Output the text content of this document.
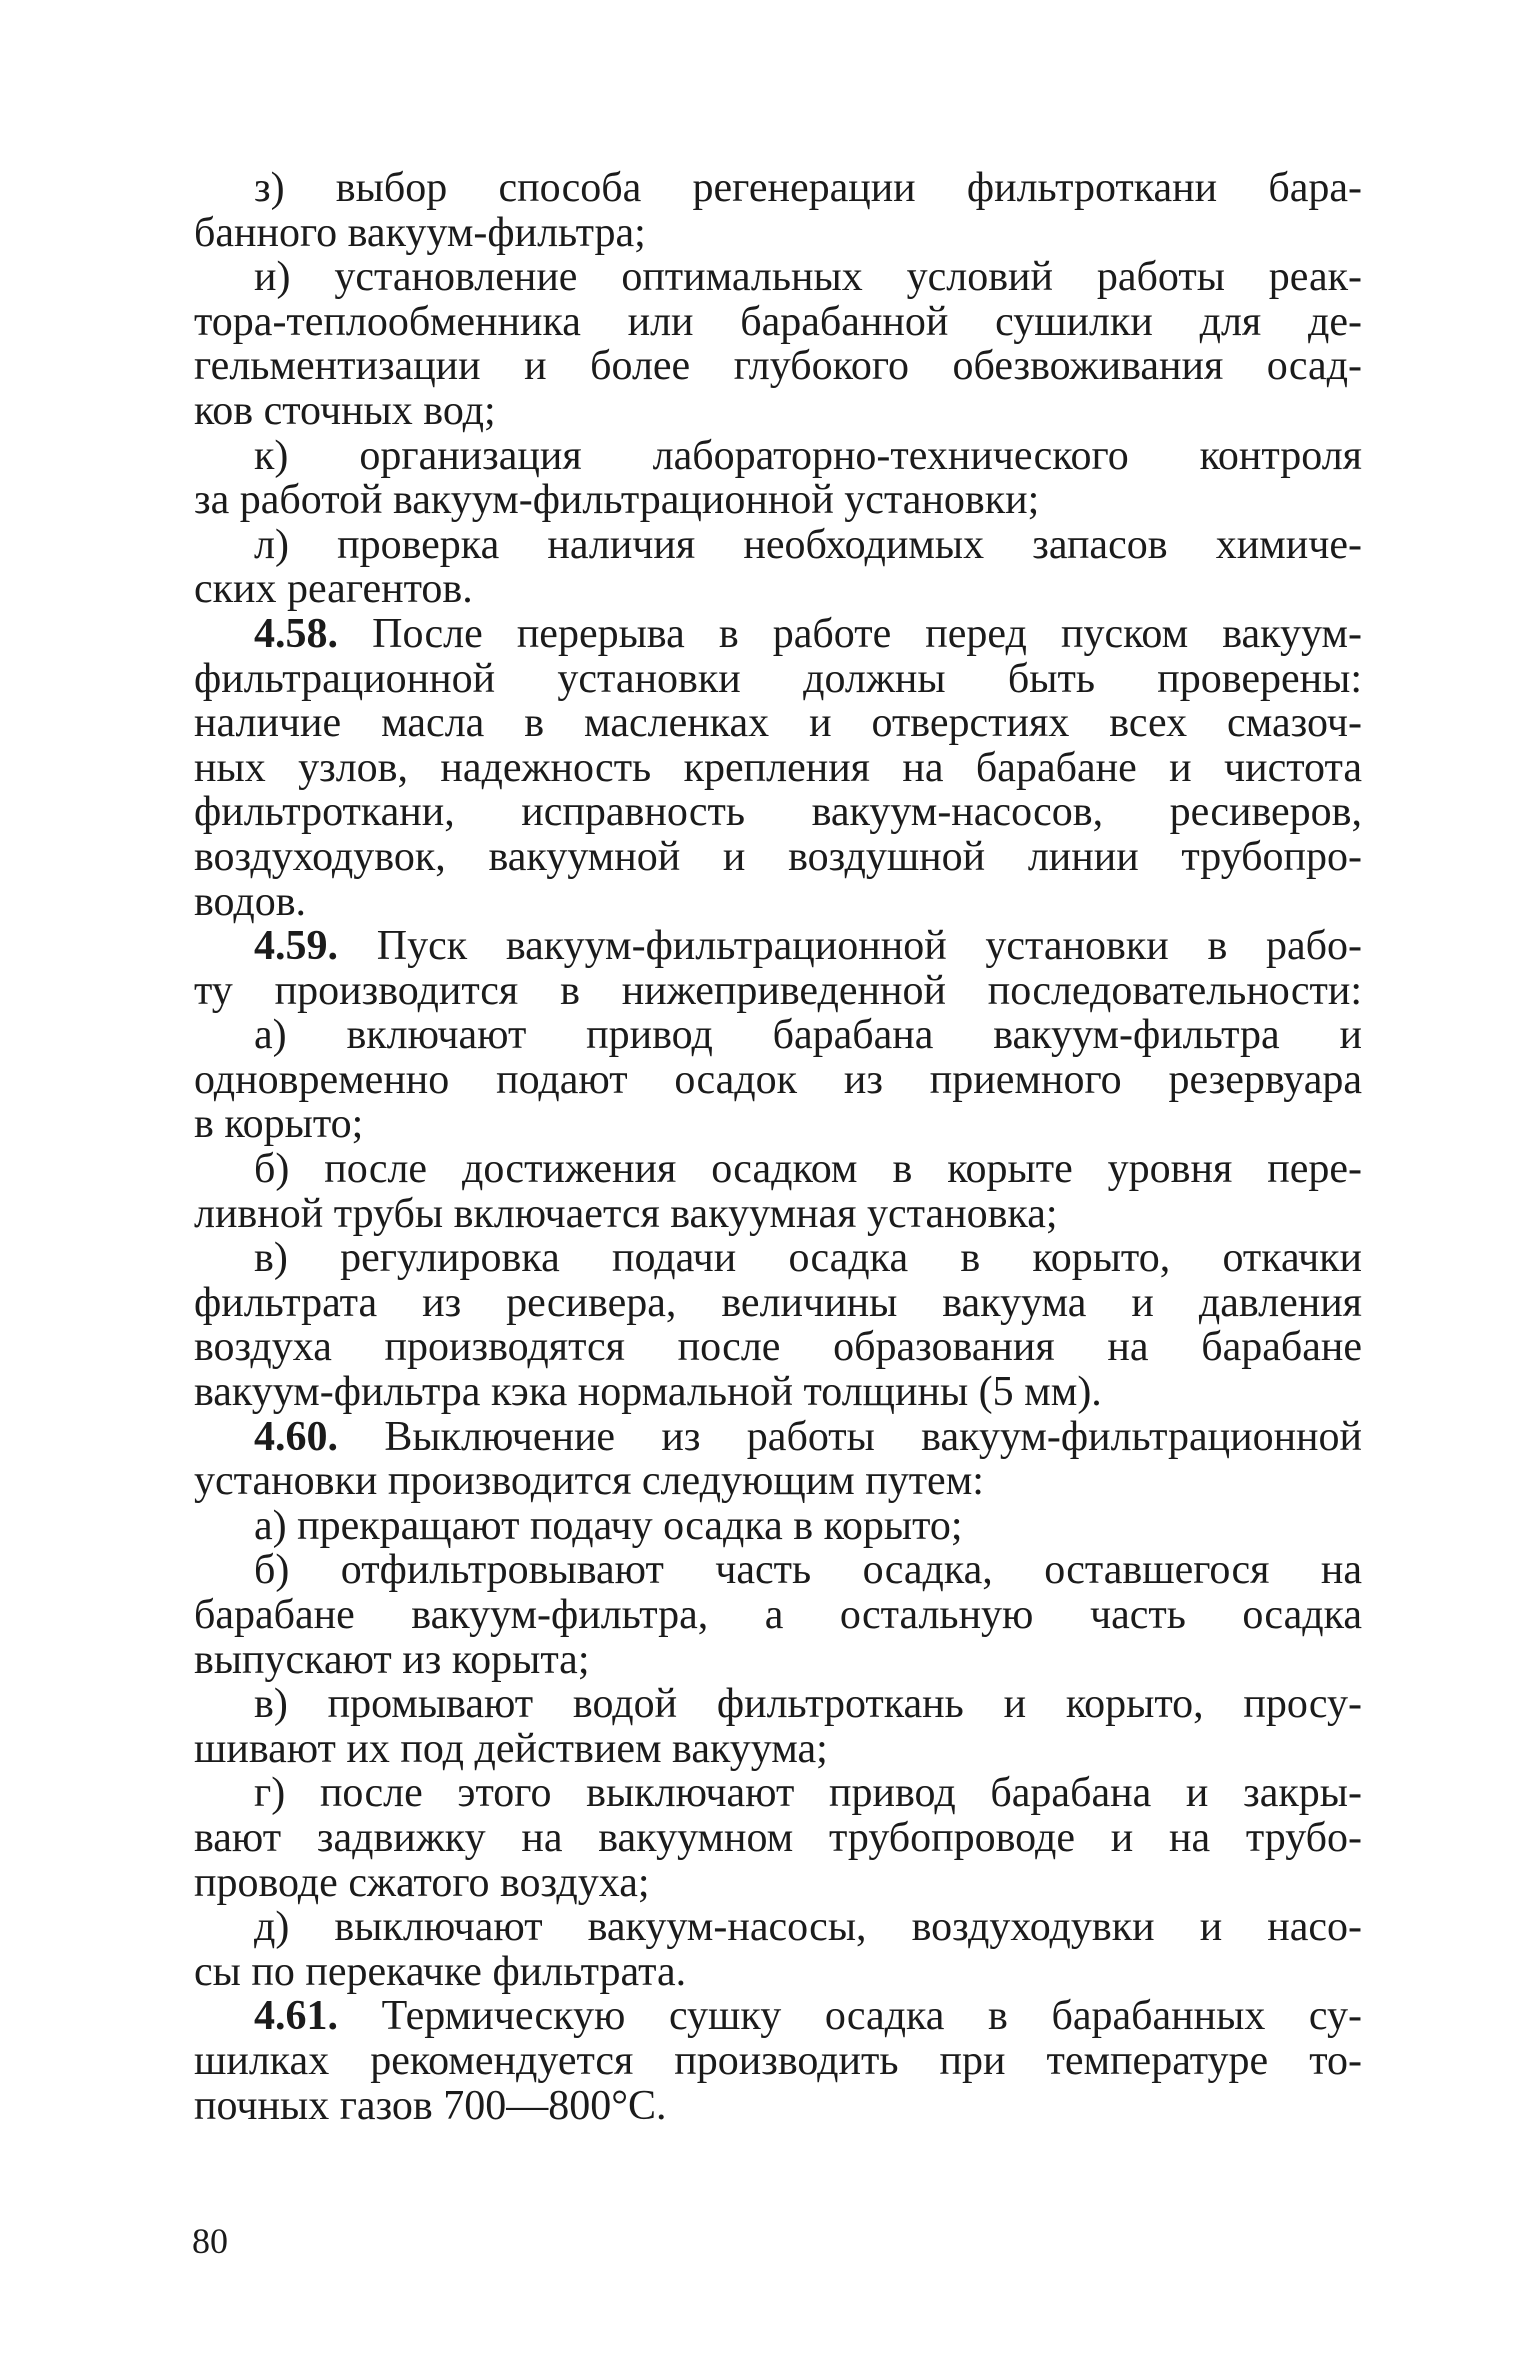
з) выбор способа регенерации фильтроткани бара-
банного вакуум-фильтра;
и) установление оптимальных условий работы реак-
тора-теплообменника или барабанной сушилки для де-
гельментизации и более глубокого обезвоживания осад-
ков сточных вод;
к) организация лабораторно-технического контроля
за работой вакуум-фильтрационной установки;
л) проверка наличия необходимых запасов химиче-
ских реагентов.
4.58. После перерыва в работе перед пуском вакуум-
фильтрационной установки должны быть проверены:
наличие масла в масленках и отверстиях всех смазоч-
ных узлов, надежность крепления на барабане и чистота
фильтроткани, исправность вакуум-насосов, ресиверов,
воздуходувок, вакуумной и воздушной линии трубопро-
водов.
4.59. Пуск вакуум-фильтрационной установки в рабо-
ту производится в нижеприведенной последовательности:
а) включают привод барабана вакуум-фильтра и
одновременно подают осадок из приемного резервуара
в корыто;
б) после достижения осадком в корыте уровня пере-
ливной трубы включается вакуумная установка;
в) регулировка подачи осадка в корыто, откачки
фильтрата из ресивера, величины вакуума и давления
воздуха производятся после образования на барабане
вакуум-фильтра кэка нормальной толщины (5 мм).
4.60. Выключение из работы вакуум-фильтрационной
установки производится следующим путем:
а) прекращают подачу осадка в корыто;
б) отфильтровывают часть осадка, оставшегося на
барабане вакуум-фильтра, а остальную часть осадка
выпускают из корыта;
в) промывают водой фильтроткань и корыто, просу-
шивают их под действием вакуума;
г) после этого выключают привод барабана и закры-
вают задвижку на вакуумном трубопроводе и на трубо-
проводе сжатого воздуха;
д) выключают вакуум-насосы, воздуходувки и насо-
сы по перекачке фильтрата.
4.61. Термическую сушку осадка в барабанных су-
шилках рекомендуется производить при температуре то-
почных газов 700—800°С.
80
